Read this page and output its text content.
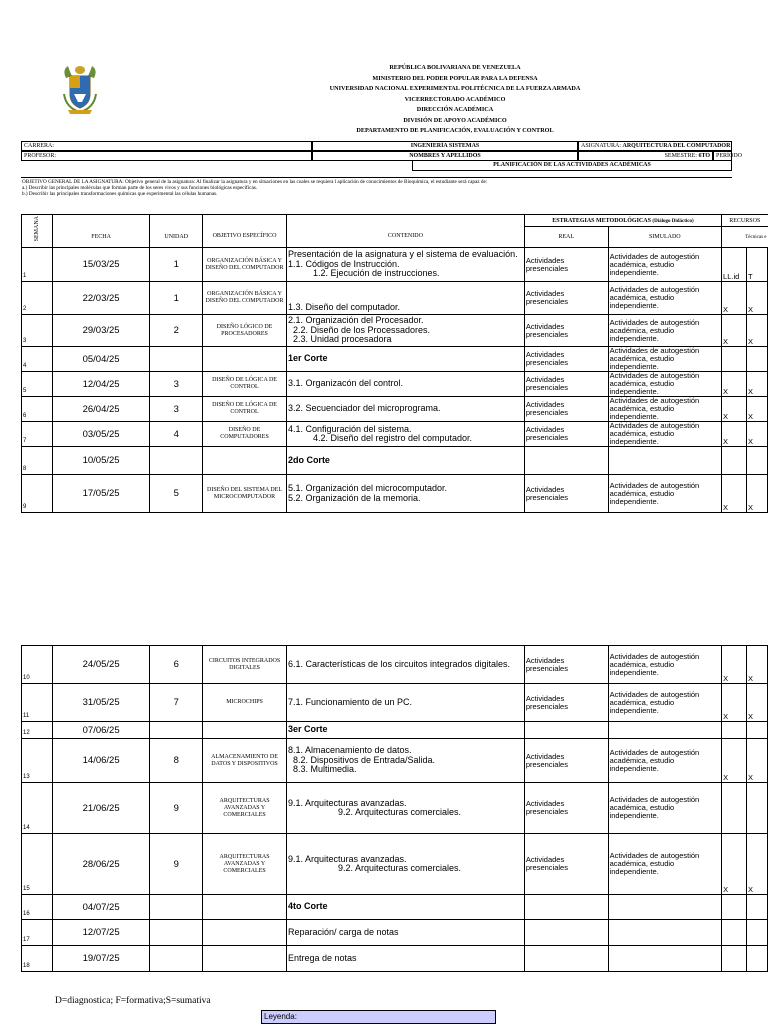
REPÚBLICA BOLIVARIANA DE VENEZUELA
MINISTERIO DEL PODER POPULAR PARA LA DEFENSA
UNIVERSIDAD NACIONAL EXPERIMENTAL POLITÉCNICA DE LA FUERZA ARMADA
VICERRECTORADO ACADÉMICO
DIRECCIÓN ACADÉMICA
DIVISIÓN DE APOYO ACADÉMICO
DEPARTAMENTO DE PLANIFICACIÓN, EVALUACIÓN Y CONTROL
CARRERA:	INGENIERÍA SISTEMAS	ASIGNATURA: ARQUITECTURA DEL COMPUTADOR
PROFESOR:	NOMBRES Y APELLIDOS	SEMESTRE: 6TO	PERÍODO
PLANIFICACIÓN DE LAS ACTIVIDADES ACADÉMICAS
OBJETIVO GENERAL DE LA ASIGNATURA: Objetivo general de la asignatura: Al finalizar la asignatura y en situaciones en las cuales se requiera l aplicación de conocimientos de Bioquímica, el estudiante será capaz de:
a.) Describir las principales moléculas que forman parte de los seres vivos y sus funciones biológicas específicas.
b.) Describir las principales transformaciones químicas que experimental las células humanas.
SEMANA					ESTRATEGIAS METODOLÓGICAS (Diálogo Didáctico)		RECURSOS	
	FECHA	UNIDAD	OBJETIVO ESPECÍFICO	CONTENIDO	REAL	SIMULADO	Técnicas e	

1	15/03/25	1	ORGANIZACIÓN BÁSICA Y DISEÑO DEL COMPUTADOR	Presentación de la asignatura y el sistema de evaluación.
1.1. Códigos de Instrucción.
1.2. Ejecución de instrucciones.	Actividades presenciales	Actividades de autogestión académica, estudio independiente.	LL.id	T
2	22/03/25	1	ORGANIZACIÓN BÁSICA Y DISEÑO DEL COMPUTADOR	

1.3. Diseño del computador.	Actividades presenciales	Actividades de autogestión académica, estudio independiente.	X	X
3	29/03/25	2	DISEÑO LÓGICO DE PROCESADORES	2.1. Organización del Procesador.
2.2. Diseño de los Processadores.
2.3. Unidad procesadora	Actividades presenciales	Actividades de autogestión académica, estudio independiente.	X	X
4	05/04/25			1er Corte	Actividades presenciales	Actividades de autogestión académica, estudio independiente.		
5	12/04/25	3	DISEÑO DE LÓGICA DE CONTROL	3.1. Organizacón del control.	Actividades presenciales	Actividades de autogestión académica, estudio independiente.	X	X
6	26/04/25	3	DISEÑO DE LÓGICA DE CONTROL	3.2. Secuenciador del microprograma.	Actividades presenciales	Actividades de autogestión académica, estudio independiente.	X	X
7	03/05/25	4	DISEÑO DE COMPUTADORES	4.1. Configuración del sistema.
4.2. Diseño del registro del computador.	Actividades presenciales	Actividades de autogestión académica, estudio independiente.	X	X
8	10/05/25			2do Corte				
9	17/05/25	5	DISEÑO DEL SISTEMA DEL MICROCOMPUTADOR	5.1. Organización del microcomputador.
5.2. Organización de la memoria.	Actividades presenciales	Actividades de autogestión académica, estudio independiente.	X	X
10	24/05/25	6	CIRCUITOS INTEGRADOS DIGITALES	6.1. Características de los circuitos integrados digitales.	Actividades presenciales	Actividades de autogestión académica, estudio independiente.	X	X
11	31/05/25	7	MICROCHIPS	7.1. Funcionamiento de un PC.	Actividades presenciales	Actividades de autogestión académica, estudio independiente.	X	X
12	07/06/25			3er Corte				
13	14/06/25	8	ALMACENAMIENTO DE DATOS Y DISPOSITIVOS	8.1. Almacenamiento de datos.
8.2. Dispositivos de Entrada/Salida.
8.3. Multimedia.	Actividades presenciales	Actividades de autogestión académica, estudio independiente.	X	X
14	21/06/25	9	ARQUITECTURAS AVANZADAS Y COMERCIALES	9.1. Arquitecturas avanzadas.
9.2. Arquitecturas comerciales.	Actividades presenciales	Actividades de autogestión académica, estudio independiente.		
15	28/06/25	9	ARQUITECTURAS AVANZADAS Y COMERCIALES	9.1. Arquitecturas avanzadas.
9.2. Arquitecturas comerciales.	Actividades presenciales	Actividades de autogestión académica, estudio independiente.	X	X
16	04/07/25			4to Corte				
17	12/07/25			Reparación/ carga de notas				
18	19/07/25			Entrega de notas				
D=diagnostica; F=formativa;S=sumativa
Leyenda:
